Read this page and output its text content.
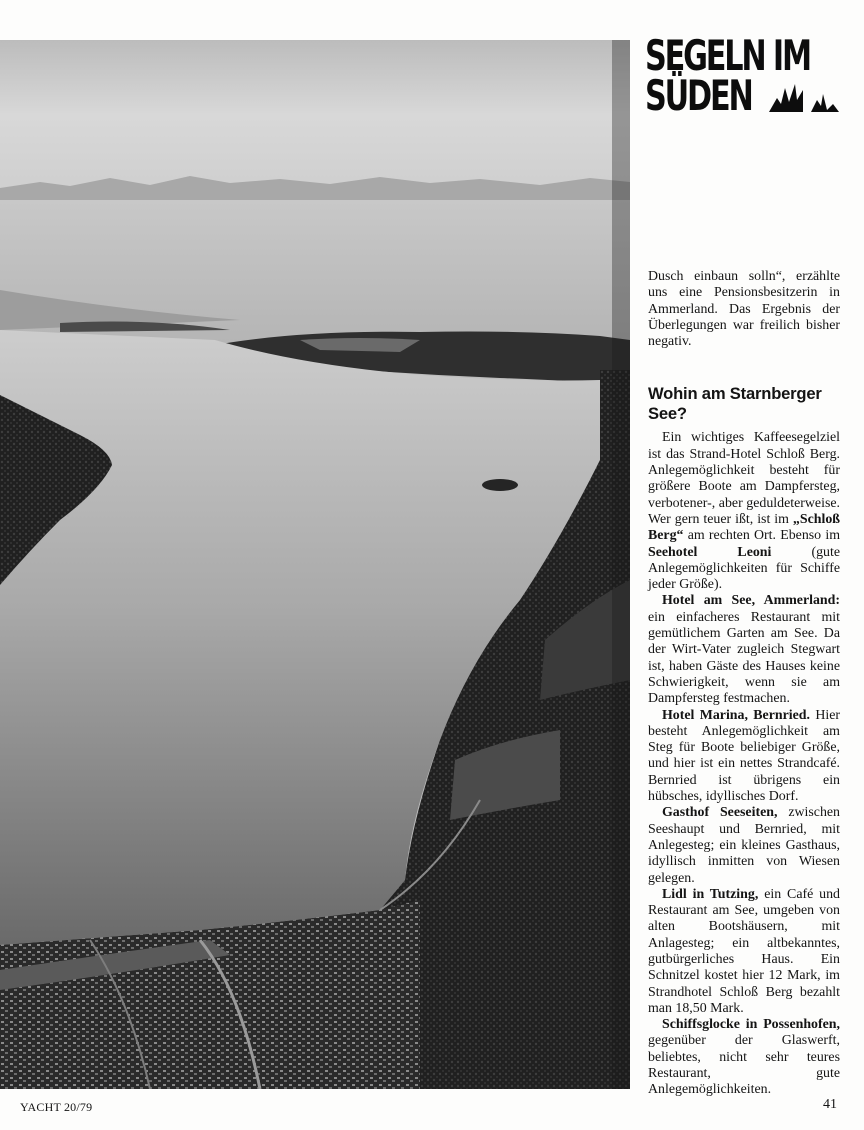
SEGELN IM
SÜDEN

Dusch einbaun solln“, erzählte uns eine Pensionsbesitzerin in Ammerland. Das Ergebnis der Überlegungen war freilich bisher negativ.

Wohin am Starnberger See?

Ein wichtiges Kaffeesegelziel ist das Strand-Hotel Schloß Berg. Anlegemöglichkeit besteht für größere Boote am Dampfersteg, verbotener-, aber geduldeterweise. Wer gern teuer ißt, ist im „Schloß Berg“ am rechten Ort. Ebenso im Seehotel Leoni (gute Anlegemöglichkeiten für Schiffe jeder Größe).

Hotel am See, Ammerland: ein einfacheres Restaurant mit gemütlichem Garten am See. Da der Wirt-Vater zugleich Stegwart ist, haben Gäste des Hauses keine Schwierigkeit, wenn sie am Dampfersteg festmachen.

Hotel Marina, Bernried. Hier besteht Anlegemöglichkeit am Steg für Boote beliebiger Größe, und hier ist ein nettes Strandcafé. Bernried ist übrigens ein hübsches, idyllisches Dorf.

Gasthof Seeseiten, zwischen Seeshaupt und Bernried, mit Anlegesteg; ein kleines Gasthaus, idyllisch inmitten von Wiesen gelegen.

Lidl in Tutzing, ein Café und Restaurant am See, umgeben von alten Bootshäusern, mit Anlagesteg; ein altbekanntes, gutbürgerliches Haus. Ein Schnitzel kostet hier 12 Mark, im Strandhotel Schloß Berg bezahlt man 18,50 Mark.

Schiffsglocke in Possenhofen, gegenüber der Glaswerft, beliebtes, nicht sehr teures Restaurant, gute Anlegemöglichkeiten.

YACHT 20/79	41
